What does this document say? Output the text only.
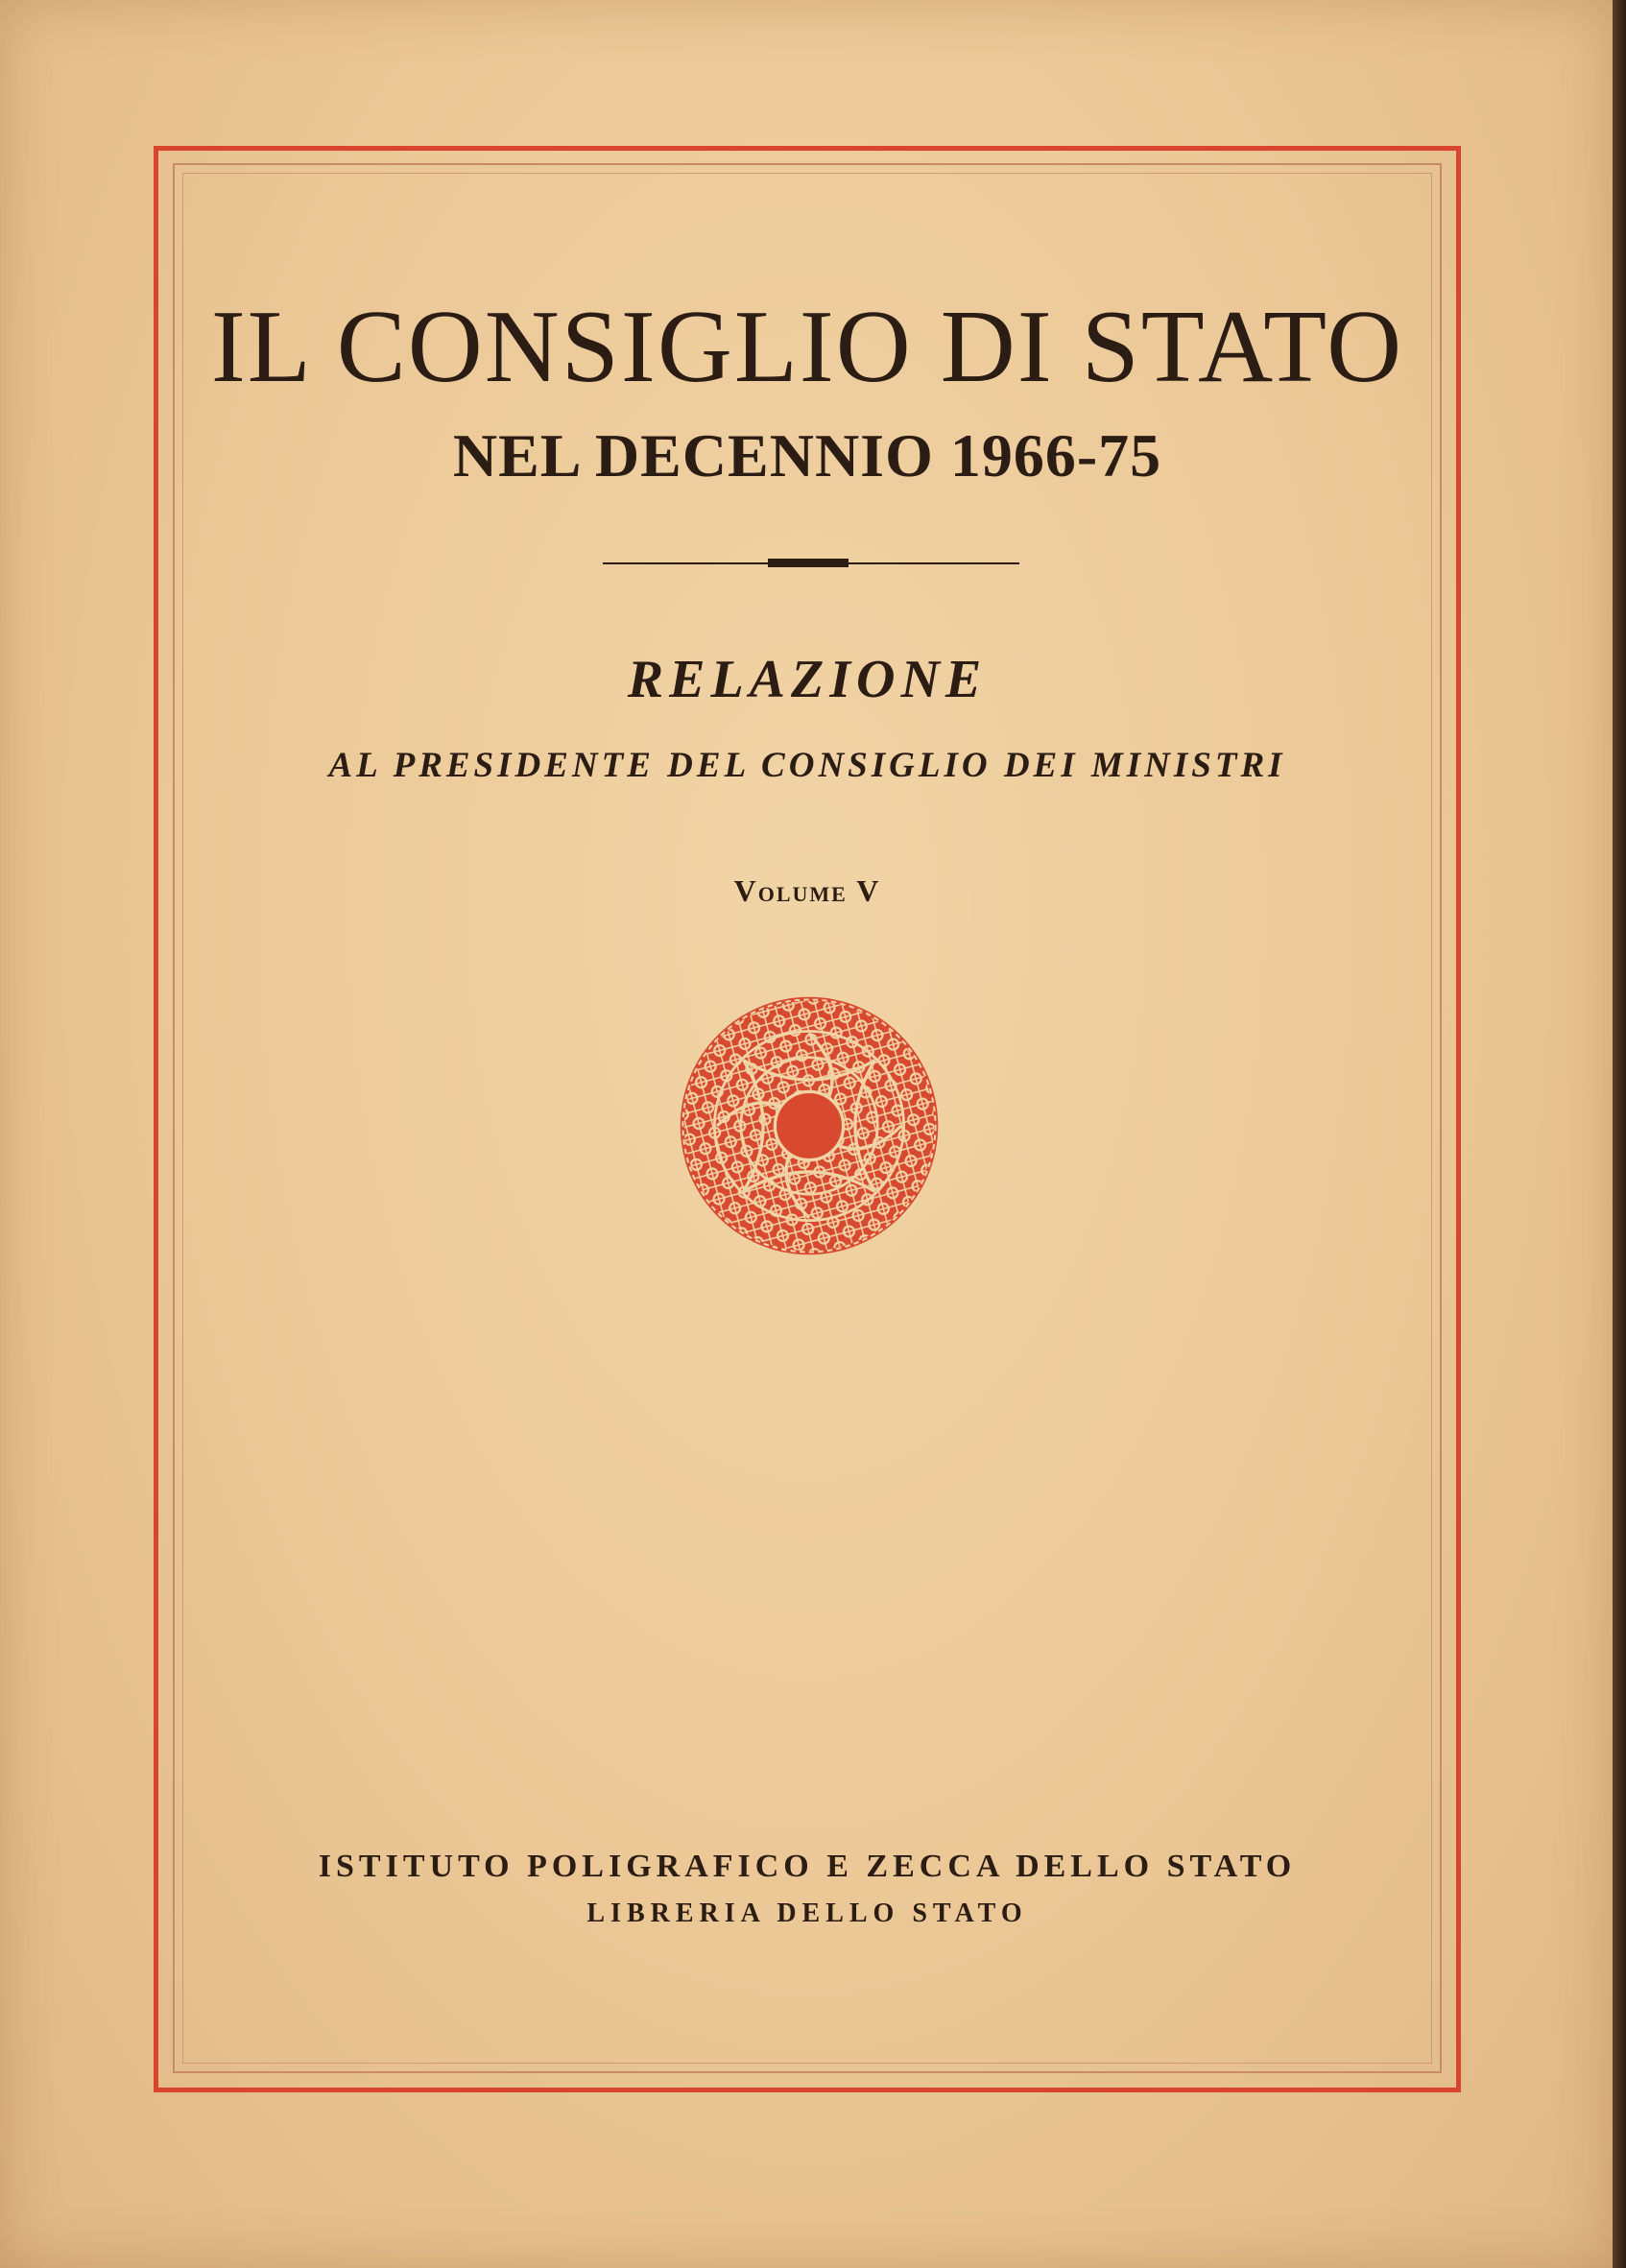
IL CONSIGLIO DI STATO
NEL DECENNIO 1966-75
RELAZIONE
AL PRESIDENTE DEL CONSIGLIO DEI MINISTRI
Volume V
ISTITUTO POLIGRAFICO E ZECCA DELLO STATO
LIBRERIA DELLO STATO
